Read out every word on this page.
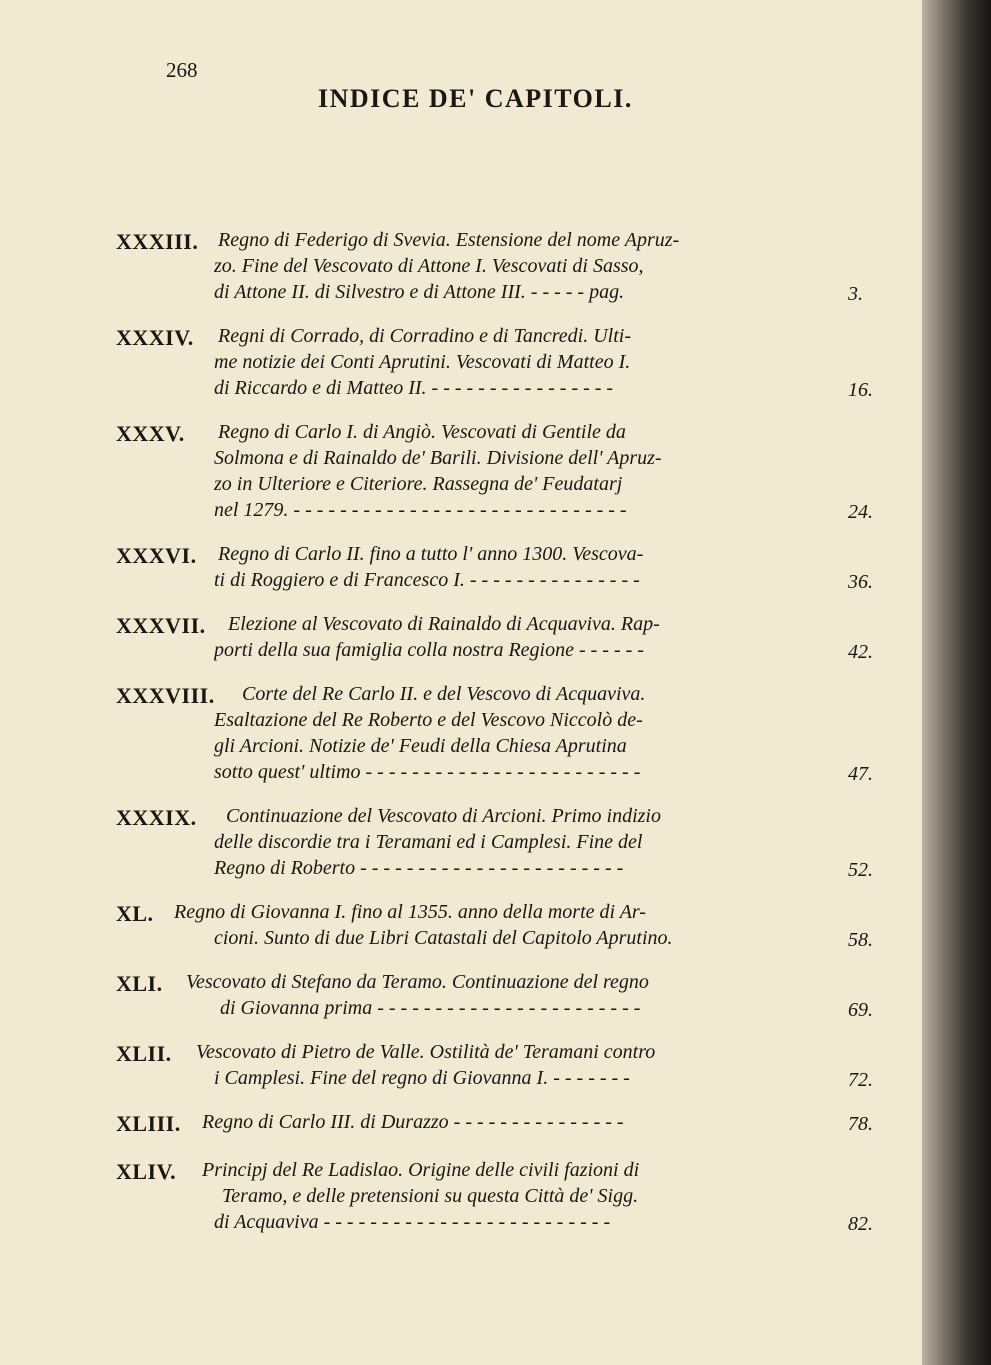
268
INDICE DE' CAPITOLI.
XXXIII. Regno di Federigo di Svevia. Estensione del nome Apruz-
zo. Fine del Vescovato di Attone I. Vescovati di Sasso,
di Attone II. di Silvestro e di Attone III. - - - - - pag.	3.
XXXIV. Regni di Corrado, di Corradino e di Tancredi. Ulti-
me notizie dei Conti Aprutini. Vescovati di Matteo I.
di Riccardo e di Matteo II. - - - - - - - - - - - - - - - -	16.
XXXV. Regno di Carlo I. di Angiò. Vescovati di Gentile da
Solmona e di Rainaldo de' Barili. Divisione dell' Apruz-
zo in Ulteriore e Citeriore. Rassegna de' Feudatarj
nel 1279. - - - - - - - - - - - - - - - - - - - - - - - - - - - - -	24.
XXXVI. Regno di Carlo II. fino a tutto l' anno 1300. Vescova-
ti di Roggiero e di Francesco I. - - - - - - - - - - - - - - -	36.
XXXVII. Elezione al Vescovato di Rainaldo di Acquaviva. Rap-
porti della sua famiglia colla nostra Regione - - - - - -	42.
XXXVIII. Corte del Re Carlo II. e del Vescovo di Acquaviva.
Esaltazione del Re Roberto e del Vescovo Niccolò de-
gli Arcioni. Notizie de' Feudi della Chiesa Aprutina
sotto quest' ultimo - - - - - - - - - - - - - - - - - - - - - - - -	47.
XXXIX. Continuazione del Vescovato di Arcioni. Primo indizio
delle discordie tra i Teramani ed i Camplesi. Fine del
Regno di Roberto - - - - - - - - - - - - - - - - - - - - - - -	52.
XL. Regno di Giovanna I. fino al 1355. anno della morte di Ar-
cioni. Sunto di due Libri Catastali del Capitolo Aprutino.	58.
XLI. Vescovato di Stefano da Teramo. Continuazione del regno
di Giovanna prima - - - - - - - - - - - - - - - - - - - - - - -	69.
XLII. Vescovato di Pietro de Valle. Ostilità de' Teramani contro
i Camplesi. Fine del regno di Giovanna I. - - - - - - -	72.
XLIII. Regno di Carlo III. di Durazzo - - - - - - - - - - - - - - -	78.
XLIV. Principj del Re Ladislao. Origine delle civili fazioni di
Teramo, e delle pretensioni su questa Città de' Sigg.
di Acquaviva - - - - - - - - - - - - - - - - - - - - - - - - -	82.
